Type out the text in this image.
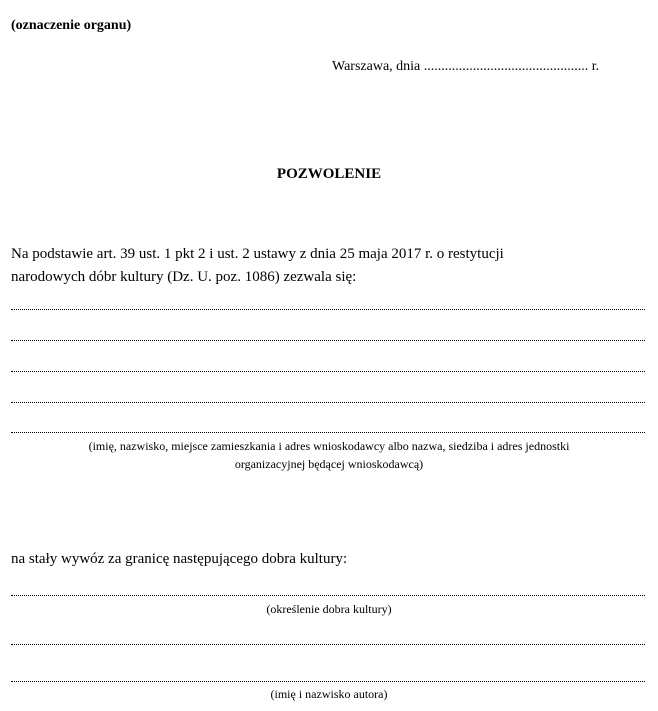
(oznaczenie organu)
Warszawa, dnia ............................................... r.
POZWOLENIE
Na podstawie art. 39 ust. 1 pkt 2 i ust. 2 ustawy z dnia 25 maja 2017 r. o restytucji
narodowych dóbr kultury (Dz. U. poz. 1086) zezwala się:
(imię, nazwisko, miejsce zamieszkania i adres wnioskodawcy albo nazwa, siedziba i adres jednostki
organizacyjnej będącej wnioskodawcą)
na stały wywóz za granicę następującego dobra kultury:
(określenie dobra kultury)
(imię i nazwisko autora)
